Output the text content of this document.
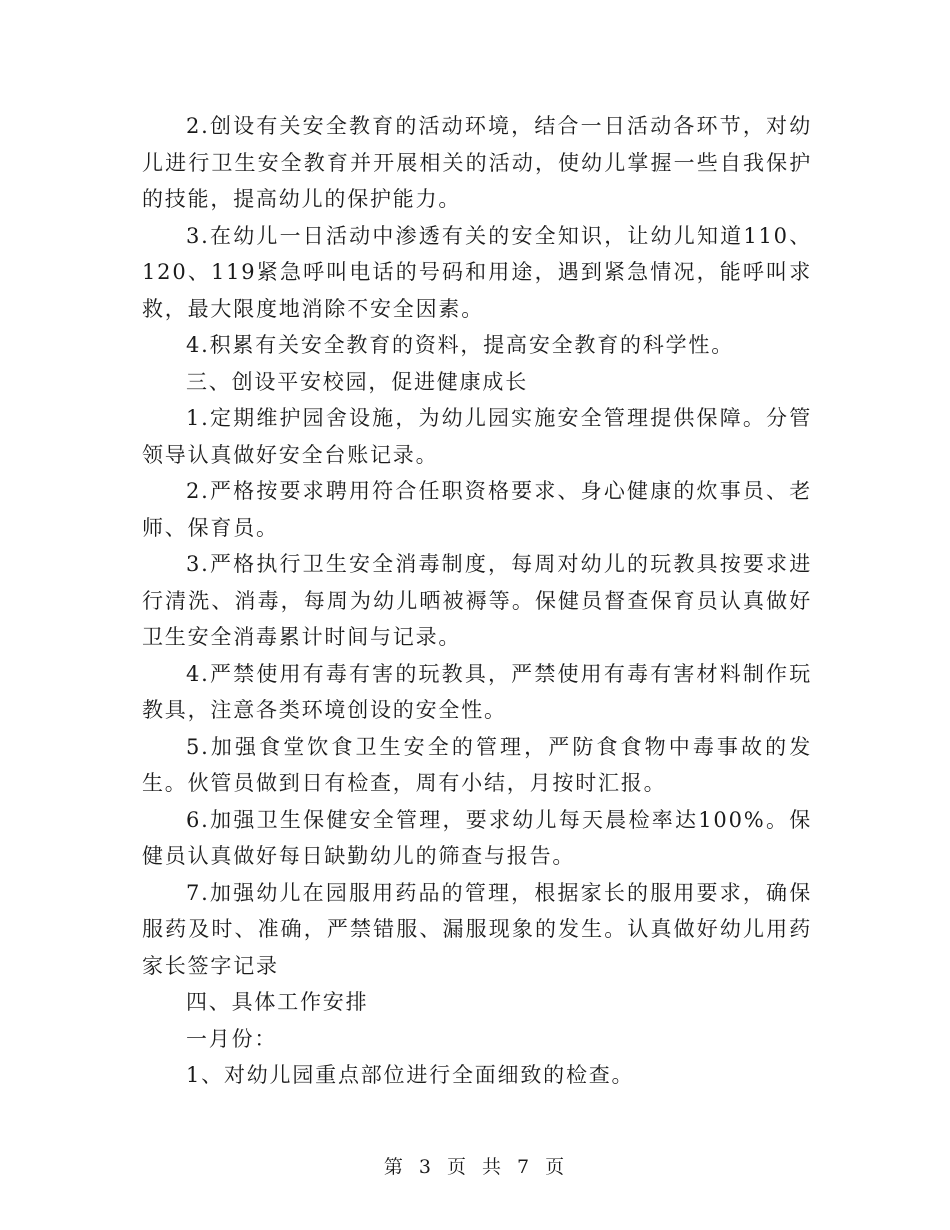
2.创设有关安全教育的活动环境，结合一日活动各环节，对幼儿进行卫生安全教育并开展相关的活动，使幼儿掌握一些自我保护的技能，提高幼儿的保护能力。

3.在幼儿一日活动中渗透有关的安全知识，让幼儿知道110、120、119紧急呼叫电话的号码和用途，遇到紧急情况，能呼叫求救，最大限度地消除不安全因素。

4.积累有关安全教育的资料，提高安全教育的科学性。

三、创设平安校园，促进健康成长

1.定期维护园舍设施，为幼儿园实施安全管理提供保障。分管领导认真做好安全台账记录。

2.严格按要求聘用符合任职资格要求、身心健康的炊事员、老师、保育员。

3.严格执行卫生安全消毒制度，每周对幼儿的玩教具按要求进行清洗、消毒，每周为幼儿晒被褥等。保健员督查保育员认真做好卫生安全消毒累计时间与记录。

4.严禁使用有毒有害的玩教具，严禁使用有毒有害材料制作玩教具，注意各类环境创设的安全性。

5.加强食堂饮食卫生安全的管理，严防食食物中毒事故的发生。伙管员做到日有检查，周有小结，月按时汇报。

6.加强卫生保健安全管理，要求幼儿每天晨检率达100%。保健员认真做好每日缺勤幼儿的筛查与报告。

7.加强幼儿在园服用药品的管理，根据家长的服用要求，确保服药及时、准确，严禁错服、漏服现象的发生。认真做好幼儿用药家长签字记录

四、具体工作安排

一月份：

1、对幼儿园重点部位进行全面细致的检查。

第 3 页 共 7 页
